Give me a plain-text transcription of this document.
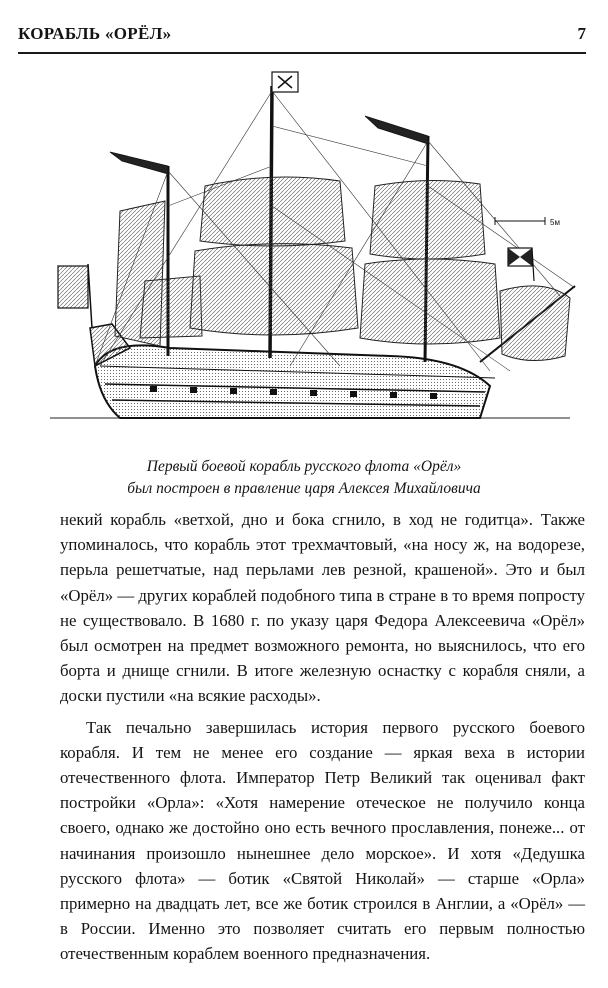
КОРАБЛЬ «ОРЁЛ»	7
5м
Первый боевой корабль русского флота «Орёл»
был построен в правление царя Алексея Михайловича

некий корабль «ветхой, дно и бока сгнило, в ход не годитца». Также упоминалось, что корабль этот трехмачтовый, «на носу ж, на водорезе, перьла решетчатые, над перьлами лев резной, крашеной». Это и был «Орёл» — других кораблей подобного типа в стране в то время попросту не существовало. В 1680 г. по указу царя Федора Алексеевича «Орёл» был осмотрен на предмет возможного ремонта, но выяснилось, что его борта и днище сгнили. В итоге железную оснастку с корабля сняли, а доски пустили «на всякие расходы».

Так печально завершилась история первого русского боевого корабля. И тем не менее его создание — яркая веха в истории отечественного флота. Император Петр Великий так оценивал факт постройки «Орла»: «Хотя намерение отеческое не получило конца своего, однако же достойно оно есть вечного прославления, понеже... от начинания произошло нынешнее дело морское». И хотя «Дедушка русского флота» — ботик «Святой Николай» — старше «Орла» примерно на двадцать лет, все же ботик строился в Англии, а «Орёл» — в России. Именно это позволяет считать его первым полностью отечественным кораблем военного предназначения.
